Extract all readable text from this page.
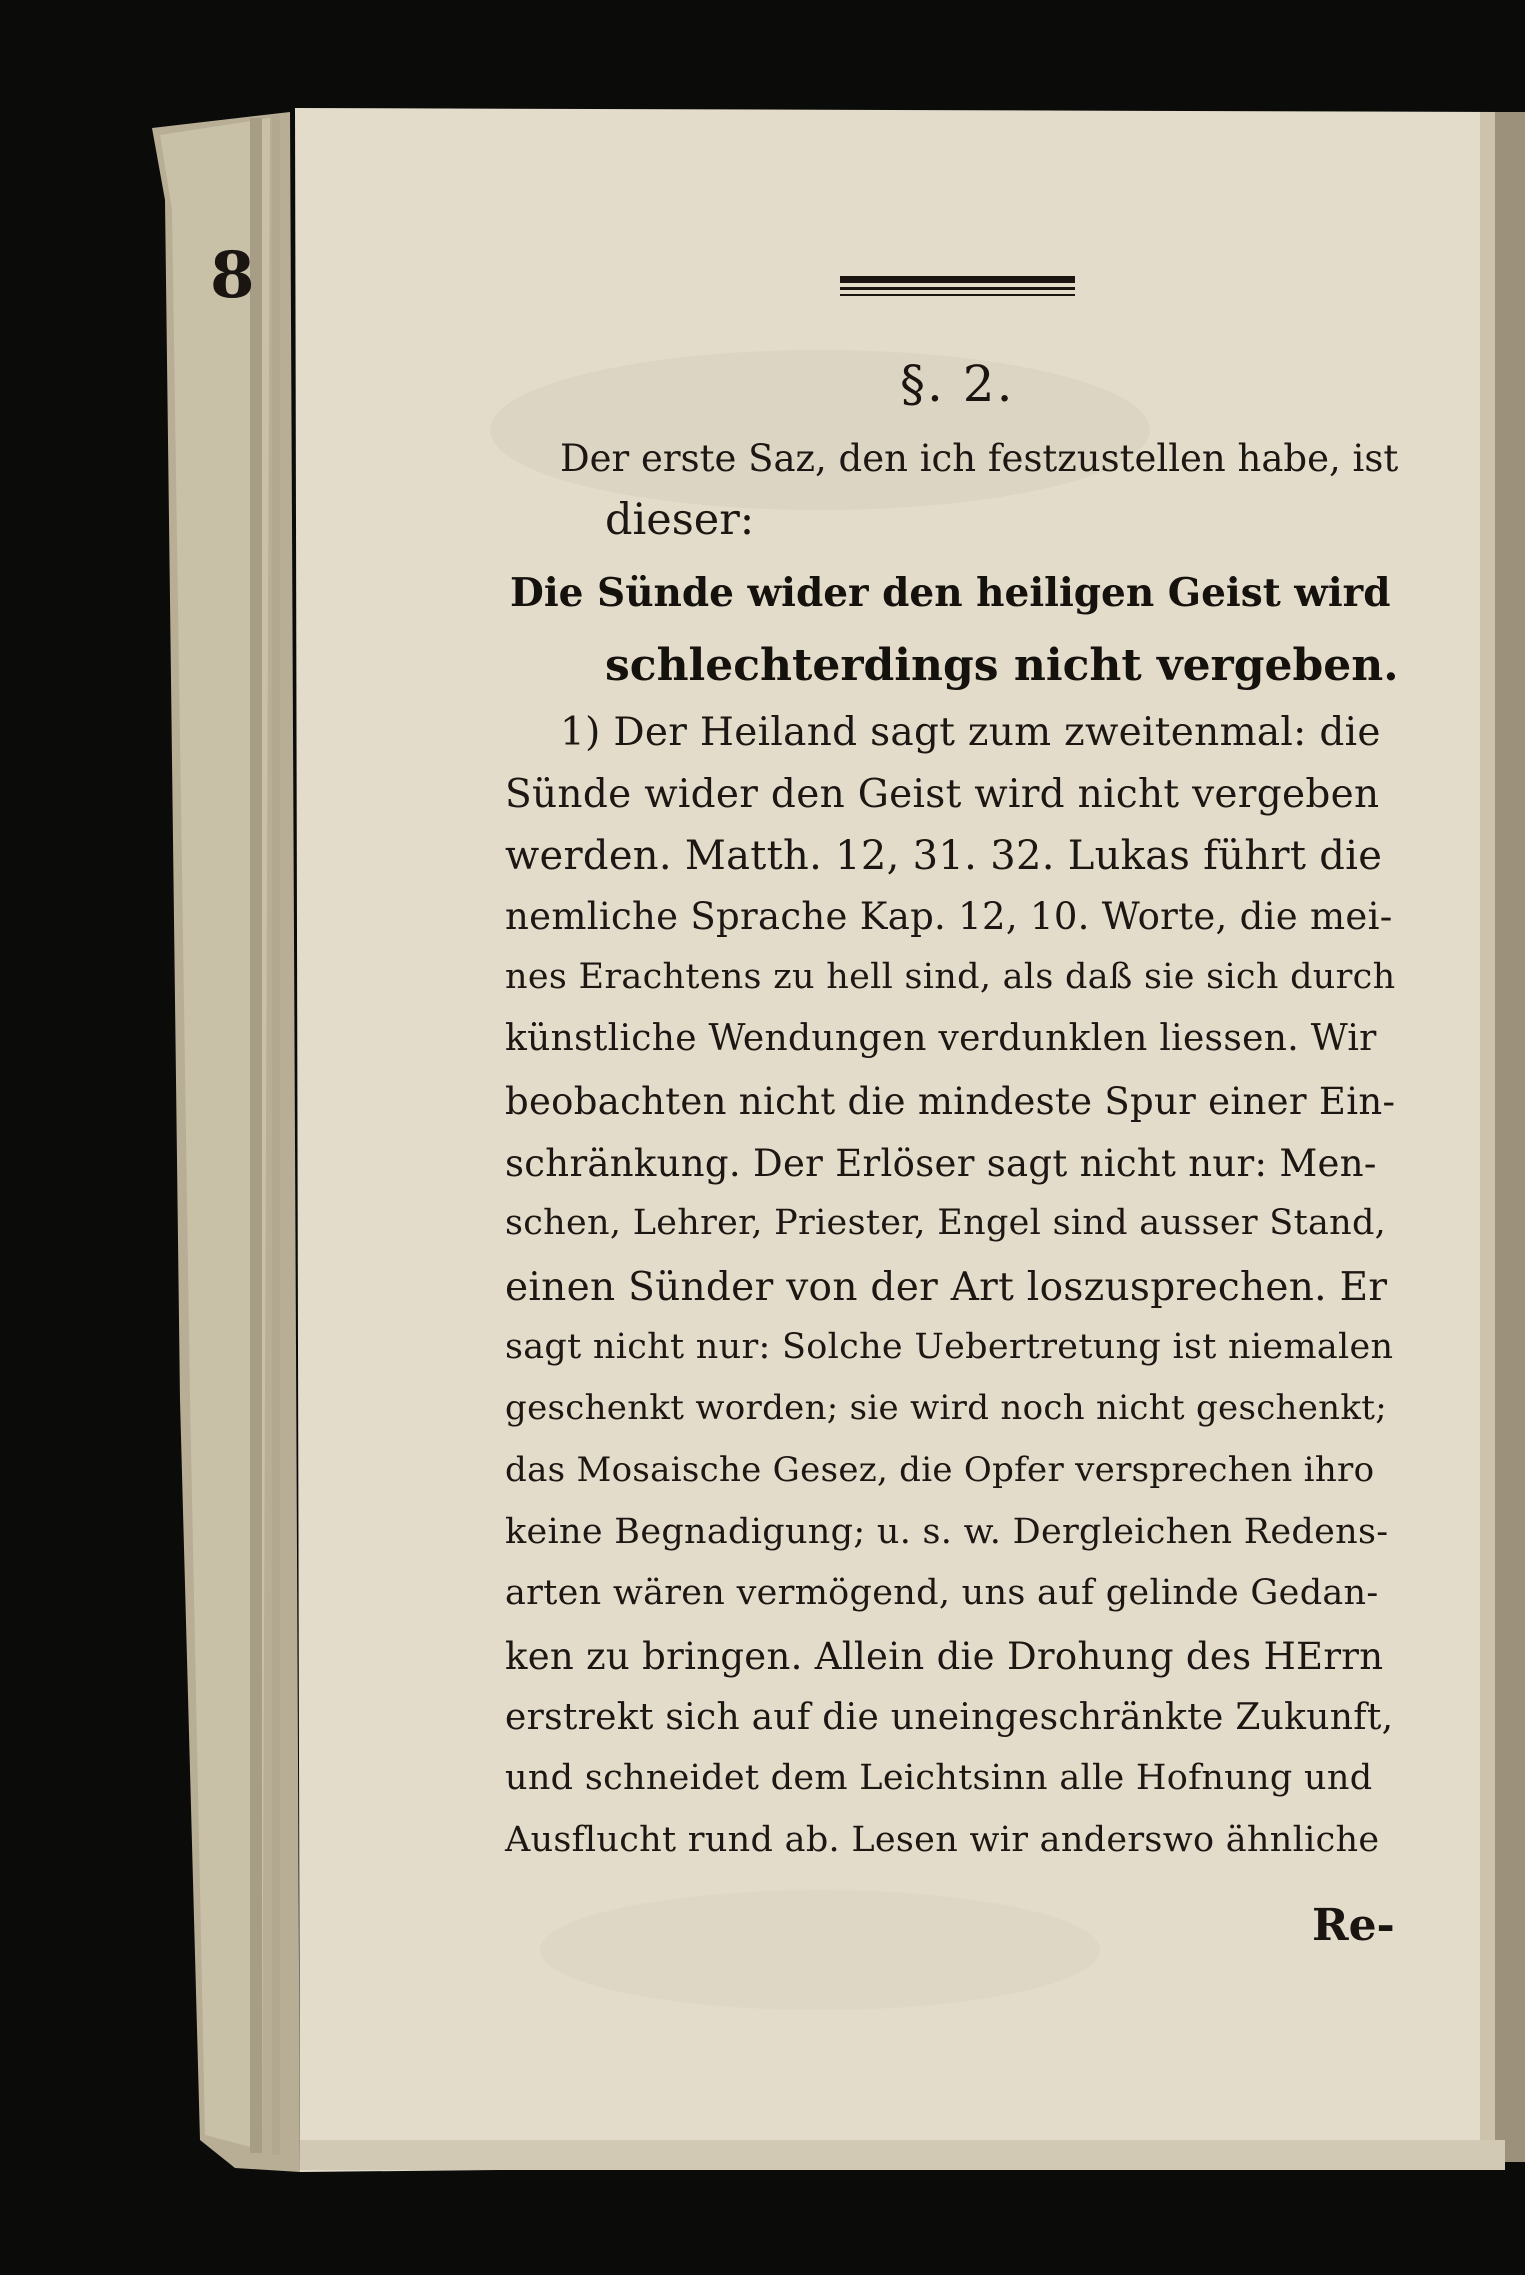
8
§. 2.
Der erste Saz, den ich festzustellen habe, ist
dieser:
Die Sünde wider den heiligen Geist wird
schlechterdings nicht vergeben.
1) Der Heiland sagt zum zweitenmal: die
Sünde wider den Geist wird nicht vergeben
werden. Matth. 12, 31. 32. Lukas führt die
nemliche Sprache Kap. 12, 10. Worte, die mei-
nes Erachtens zu hell sind, als daß sie sich durch
künstliche Wendungen verdunklen liessen. Wir
beobachten nicht die mindeste Spur einer Ein-
schränkung. Der Erlöser sagt nicht nur: Men-
schen, Lehrer, Priester, Engel sind ausser Stand,
einen Sünder von der Art loszusprechen. Er
sagt nicht nur: Solche Uebertretung ist niemalen
geschenkt worden; sie wird noch nicht geschenkt;
das Mosaische Gesez, die Opfer versprechen ihro
keine Begnadigung; u. s. w. Dergleichen Redens-
arten wären vermögend, uns auf gelinde Gedan-
ken zu bringen. Allein die Drohung des HErrn
erstrekt sich auf die uneingeschränkte Zukunft,
und schneidet dem Leichtsinn alle Hofnung und
Ausflucht rund ab. Lesen wir anderswo ähnliche
Re-
